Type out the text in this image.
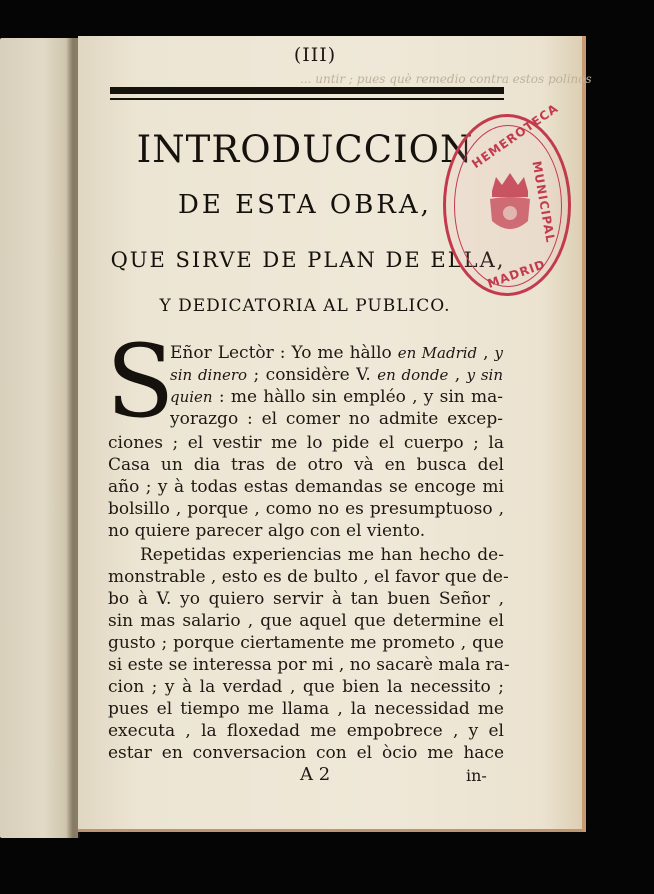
(III)
... untir ; pues què remedio contra estos polinos
INTRODUCCION
DE ESTA OBRA,
QUE SIRVE DE PLAN DE ELLA,
Y DEDICATORIA AL PUBLICO.
S
Eñor Lectòr : Yo me hàllo en Madrid , y
sin dinero ; considère V. en donde , y sin
quien : me hàllo sin empléo , y sin ma-
yorazgo : el comer no admite excep-
ciones ; el vestir me lo pide el cuerpo ; la
Casa un dia tras de otro và en busca del
año ; y à todas estas demandas se encoge mi
bolsillo , porque , como no es presumptuoso ,
no quiere parecer algo con el viento.
Repetidas experiencias me han hecho de-
monstrable , esto es de bulto , el favor que de-
bo à V. yo quiero servir à tan buen Señor ,
sin mas salario , que aquel que determine el
gusto ; porque ciertamente me prometo , que
si este se interessa por mi , no sacarè mala ra-
cion ; y à la verdad , que bien la necessito ;
pues el tiempo me llama , la necessidad me
executa , la floxedad me empobrece , y el
estar en conversacion con el òcio me hace
A 2	in-
HEMEROTECA
MUNICIPAL
MADRID
